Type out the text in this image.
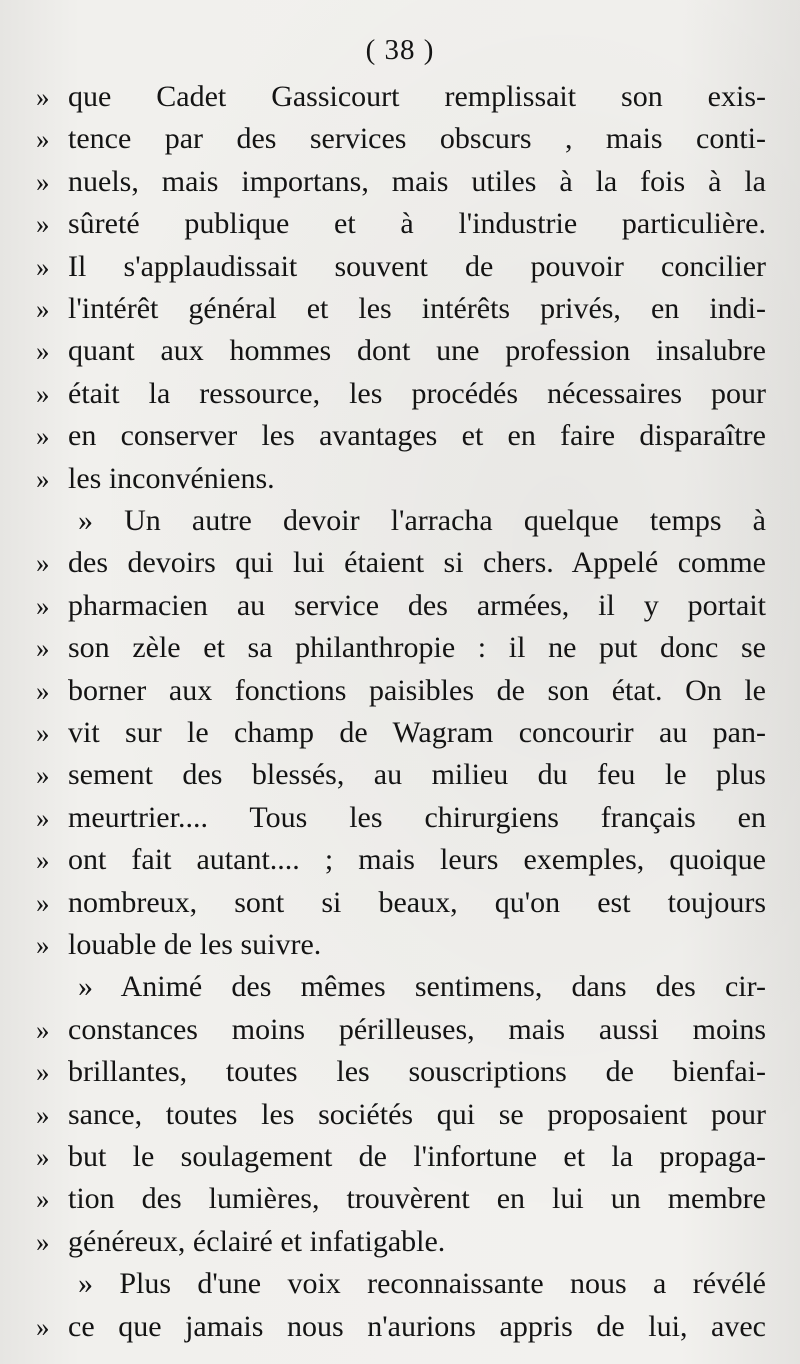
( 38 )
» que Cadet Gassicourt remplissait son exis-
» tence par des services obscurs , mais conti-
» nuels, mais importans, mais utiles à la fois à la
» sûreté publique et à l'industrie particulière.
» Il s'applaudissait souvent de pouvoir concilier
» l'intérêt général et les intérêts privés, en indi-
» quant aux hommes dont une profession insalubre
» était la ressource, les procédés nécessaires pour
» en conserver les avantages et en faire disparaître
» les inconvéniens.
» Un autre devoir l'arracha quelque temps à
» des devoirs qui lui étaient si chers. Appelé comme
» pharmacien au service des armées, il y portait
» son zèle et sa philanthropie : il ne put donc se
» borner aux fonctions paisibles de son état. On le
» vit sur le champ de Wagram concourir au pan-
» sement des blessés, au milieu du feu le plus
» meurtrier.... Tous les chirurgiens français en
» ont fait autant.... ; mais leurs exemples, quoique
» nombreux, sont si beaux, qu'on est toujours
» louable de les suivre.
» Animé des mêmes sentimens, dans des cir-
» constances moins périlleuses, mais aussi moins
» brillantes, toutes les souscriptions de bienfai-
» sance, toutes les sociétés qui se proposaient pour
» but le soulagement de l'infortune et la propaga-
» tion des lumières, trouvèrent en lui un membre
» généreux, éclairé et infatigable.
» Plus d'une voix reconnaissante nous a révélé
» ce que jamais nous n'aurions appris de lui, avec
